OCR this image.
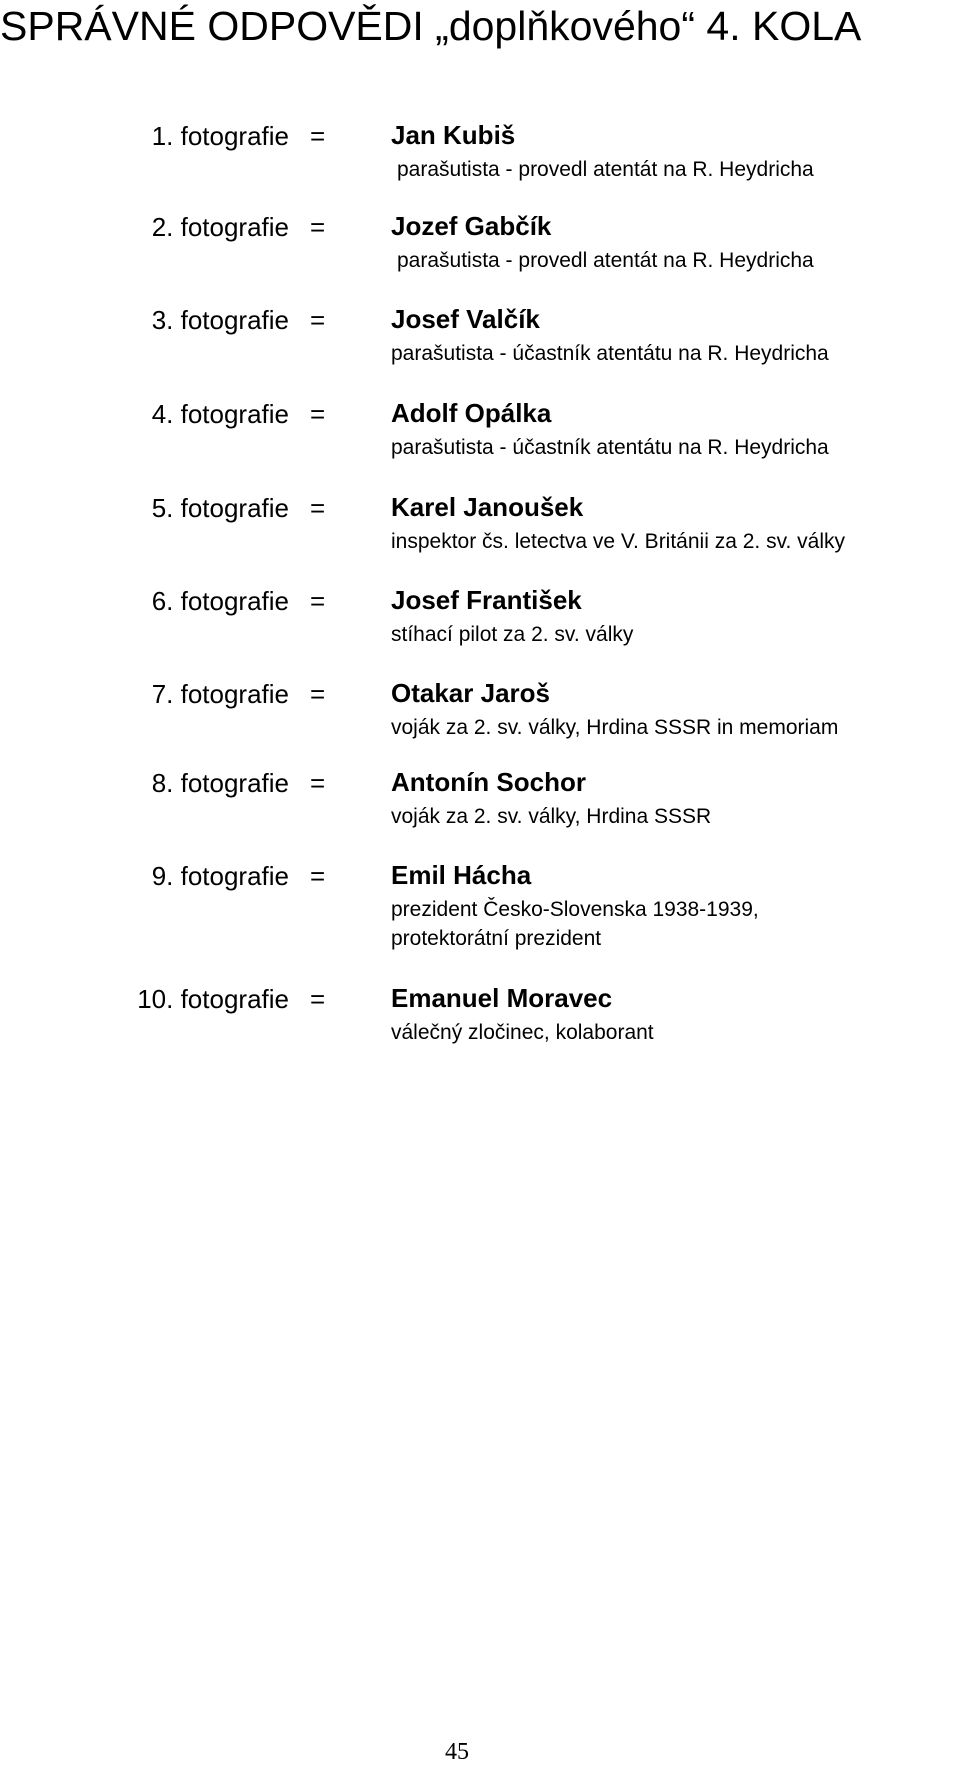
SPRÁVNÉ ODPOVĚDI „doplňkového“ 4. KOLA
1. fotografie =	Jan Kubiš
parašutista - provedl atentát na R. Heydricha
2. fotografie =	Jozef Gabčík
parašutista - provedl atentát na R. Heydricha
3. fotografie =	Josef Valčík
parašutista - účastník atentátu na R. Heydricha
4. fotografie =	Adolf Opálka
parašutista - účastník atentátu na R. Heydricha
5. fotografie =	Karel Janoušek
inspektor čs. letectva ve V. Británii za 2. sv. války
6. fotografie =	Josef František
stíhací pilot za 2. sv. války
7. fotografie =	Otakar Jaroš
voják za 2. sv. války, Hrdina SSSR in memoriam
8. fotografie =	Antonín Sochor
voják za 2. sv. války, Hrdina SSSR
9. fotografie =	Emil Hácha
prezident Česko-Slovenska 1938-1939,
protektorátní prezident
10. fotografie =	Emanuel Moravec
válečný zločinec, kolaborant
45
